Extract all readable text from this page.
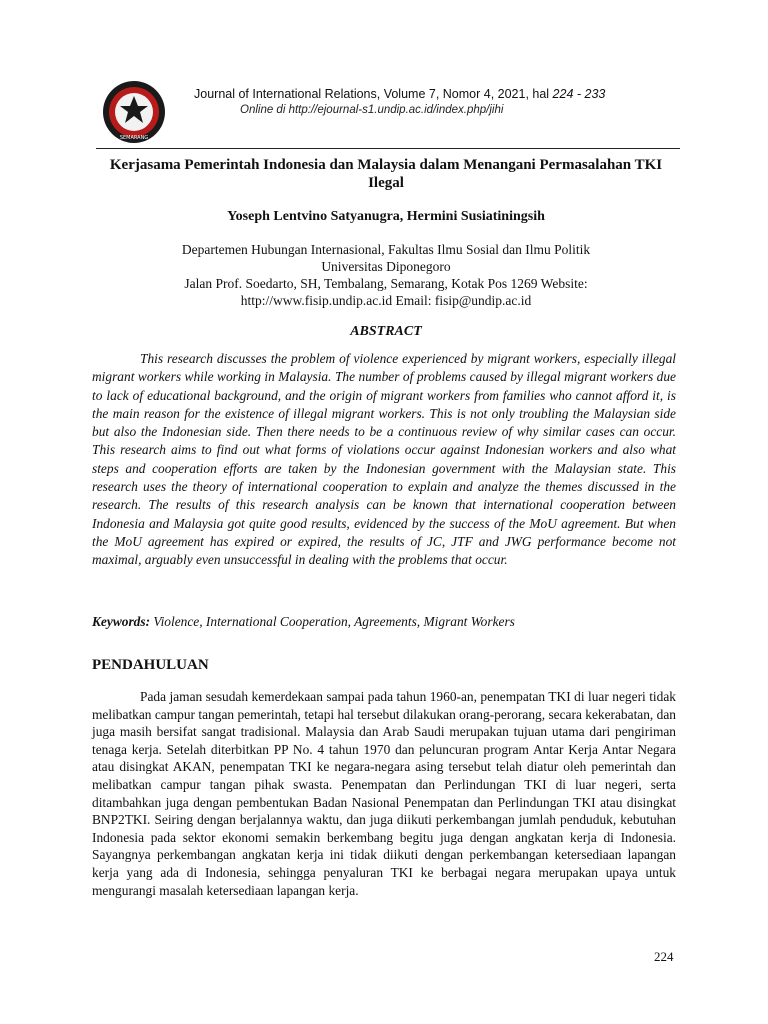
SEMARANG
Journal of International Relations, Volume 7, Nomor 4, 2021, hal 224 - 233
Online di http://ejournal-s1.undip.ac.id/index.php/jihi
Kerjasama Pemerintah Indonesia dan Malaysia dalam Menangani Permasalahan TKI Ilegal
Yoseph Lentvino Satyanugra, Hermini Susiatiningsih
Departemen Hubungan Internasional, Fakultas Ilmu Sosial dan Ilmu Politik
Universitas Diponegoro
Jalan Prof. Soedarto, SH, Tembalang, Semarang, Kotak Pos 1269 Website:
http://www.fisip.undip.ac.id Email: fisip@undip.ac.id
ABSTRACT

This research discusses the problem of violence experienced by migrant workers, especially illegal migrant workers while working in Malaysia. The number of problems caused by illegal migrant workers due to lack of educational background, and the origin of migrant workers from families who cannot afford it, is the main reason for the existence of illegal migrant workers. This is not only troubling the Malaysian side but also the Indonesian side. Then there needs to be a continuous review of why similar cases can occur. This research aims to find out what forms of violations occur against Indonesian workers and also what steps and cooperation efforts are taken by the Indonesian government with the Malaysian state. This research uses the theory of international cooperation to explain and analyze the themes discussed in the research. The results of this research analysis can be known that international cooperation between Indonesia and Malaysia got quite good results, evidenced by the success of the MoU agreement. But when the MoU agreement has expired or expired, the results of JC, JTF and JWG performance become not maximal, arguably even unsuccessful in dealing with the problems that occur.

Keywords: Violence, International Cooperation, Agreements, Migrant Workers
PENDAHULUAN

Pada jaman sesudah kemerdekaan sampai pada tahun 1960-an, penempatan TKI di luar negeri tidak melibatkan campur tangan pemerintah, tetapi hal tersebut dilakukan orang-perorang, secara kekerabatan, dan juga masih bersifat sangat tradisional. Malaysia dan Arab Saudi merupakan tujuan utama dari pengiriman tenaga kerja. Setelah diterbitkan PP No. 4 tahun 1970 dan peluncuran program Antar Kerja Antar Negara atau disingkat AKAN, penempatan TKI ke negara-negara asing tersebut telah diatur oleh pemerintah dan melibatkan campur tangan pihak swasta. Penempatan dan Perlindungan TKI di luar negeri, serta ditambahkan juga dengan pembentukan Badan Nasional Penempatan dan Perlindungan TKI atau disingkat BNP2TKI. Seiring dengan berjalannya waktu, dan juga diikuti perkembangan jumlah penduduk, kebutuhan Indonesia pada sektor ekonomi semakin berkembang begitu juga dengan angkatan kerja di Indonesia. Sayangnya perkembangan angkatan kerja ini tidak diikuti dengan perkembangan ketersediaan lapangan kerja yang ada di Indonesia, sehingga penyaluran TKI ke berbagai negara merupakan upaya untuk mengurangi masalah ketersediaan lapangan kerja.

224
